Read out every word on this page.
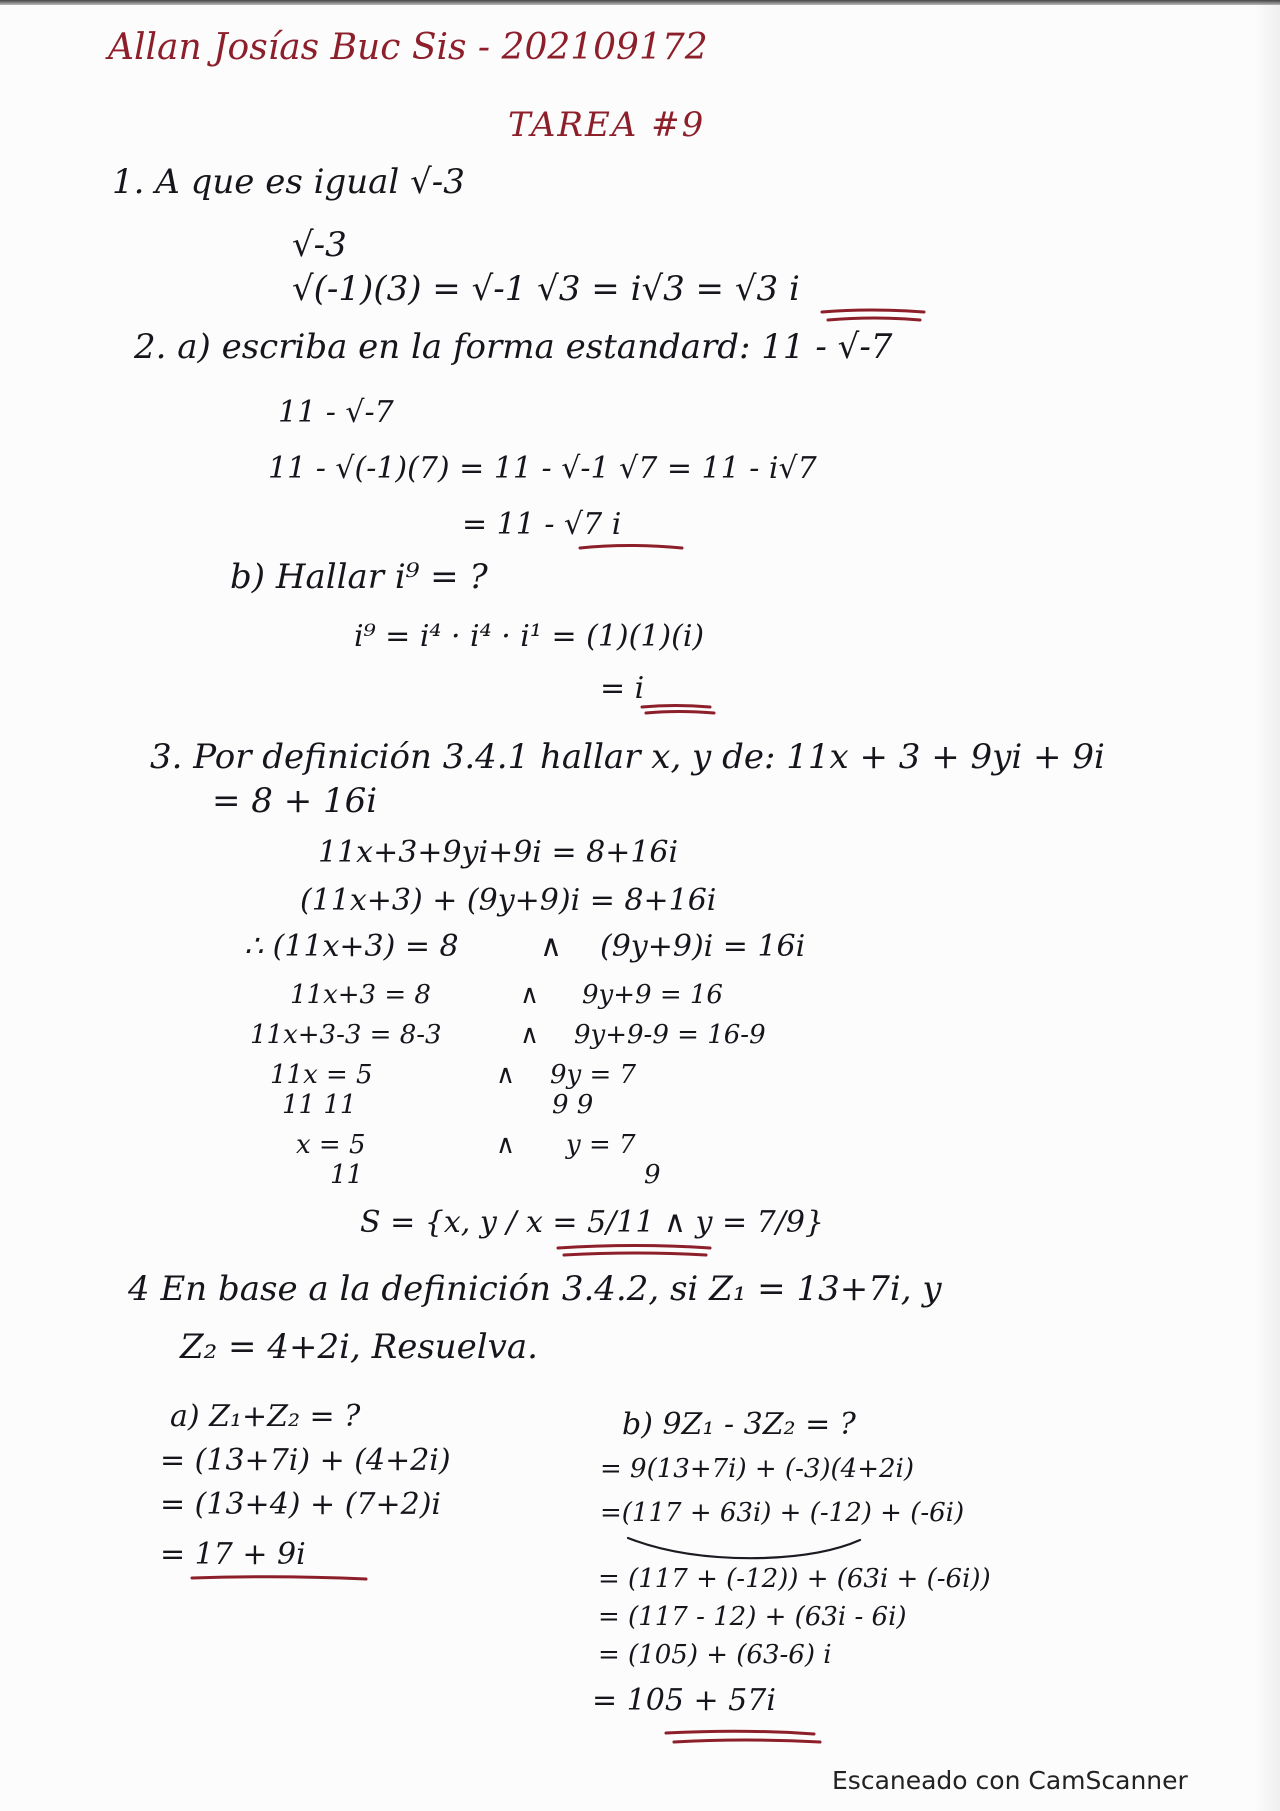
Allan Josías Buc Sis - 202109172
TAREA #9
1. A que es igual √-3
√-3
√(-1)(3) = √-1 √3 = i√3 = √3 i
2. a) escriba en la forma estandard: 11 - √-7
11 - √-7
11 - √(-1)(7) = 11 - √-1 √7 = 11 - i√7
= 11 - √7 i
b) Hallar i⁹ = ?
i⁹ = i⁴ · i⁴ · i¹ = (1)(1)(i)
= i
3. Por definición 3.4.1 hallar x, y de: 11x + 3 + 9yi + 9i
= 8 + 16i
11x+3+9yi+9i = 8+16i
(11x+3) + (9y+9)i = 8+16i
∴ (11x+3) = 8
11x+3 = 8
11x+3-3 = 8-3
11x = 5
11 11
x = 5
11
∧
∧
∧
∧
∧
(9y+9)i = 16i
9y+9 = 16
9y+9-9 = 16-9
9y = 7
9 9
y = 7
9
S = {x, y / x = 5/11 ∧ y = 7/9}
4 En base a la definición 3.4.2, si Z₁ = 13+7i, y
Z₂ = 4+2i, Resuelva.
a) Z₁+Z₂ = ?
= (13+7i) + (4+2i)
= (13+4) + (7+2)i
= 17 + 9i
b) 9Z₁ - 3Z₂ = ?
= 9(13+7i) + (-3)(4+2i)
=(117 + 63i) + (-12) + (-6i)
= (117 + (-12)) + (63i + (-6i))
= (117 - 12) + (63i - 6i)
= (105) + (63-6) i
= 105 + 57i
Escaneado con CamScanner
